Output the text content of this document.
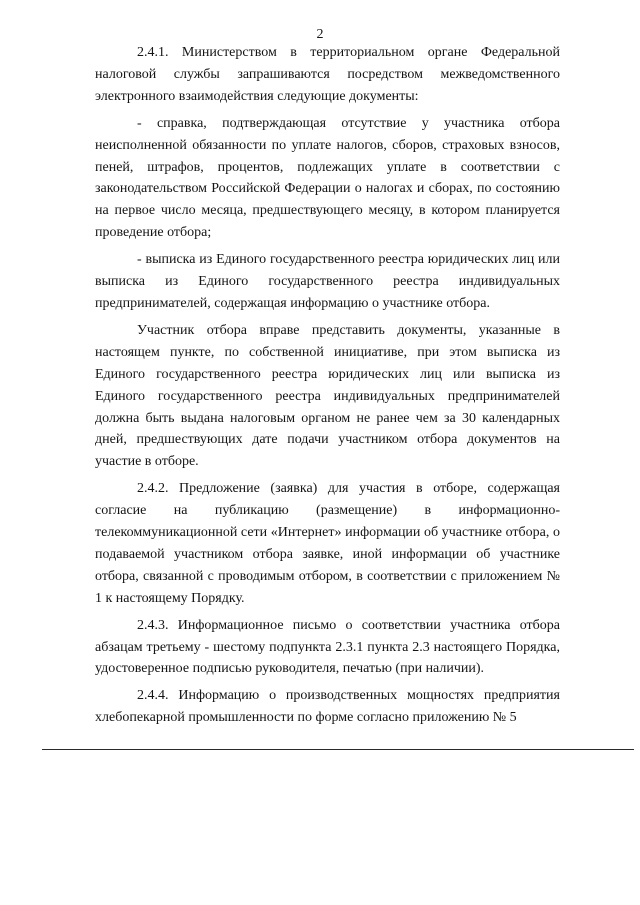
2

2.4.1. Министерством в территориальном органе Федеральной налоговой службы запрашиваются посредством межведомственного электронного взаимодействия следующие документы:

- справка, подтверждающая отсутствие у участника отбора неисполненной обязанности по уплате налогов, сборов, страховых взносов, пеней, штрафов, процентов, подлежащих уплате в соответствии с законодательством Российской Федерации о налогах и сборах, по состоянию на первое число месяца, предшествующего месяцу, в котором планируется проведение отбора;

- выписка из Единого государственного реестра юридических лиц или выписка из Единого государственного реестра индивидуальных предпринимателей, содержащая информацию о участнике отбора.

Участник отбора вправе представить документы, указанные в настоящем пункте, по собственной инициативе, при этом выписка из Единого государственного реестра юридических лиц или выписка из Единого государственного реестра индивидуальных предпринимателей должна быть выдана налоговым органом не ранее чем за 30 календарных дней, предшествующих дате подачи участником отбора документов на участие в отборе.

2.4.2. Предложение (заявка) для участия в отборе, содержащая согласие на публикацию (размещение) в информационно-телекоммуникационной сети «Интернет» информации об участнике отбора, о подаваемой участником отбора заявке, иной информации об участнике отбора, связанной с проводимым отбором, в соответствии с приложением № 1 к настоящему Порядку.

2.4.3. Информационное письмо о соответствии участника отбора абзацам третьему - шестому подпункта 2.3.1 пункта 2.3 настоящего Порядка, удостоверенное подписью руководителя, печатью (при наличии).

2.4.4. Информацию о производственных мощностях предприятия хлебопекарной промышленности по форме согласно приложению № 5
